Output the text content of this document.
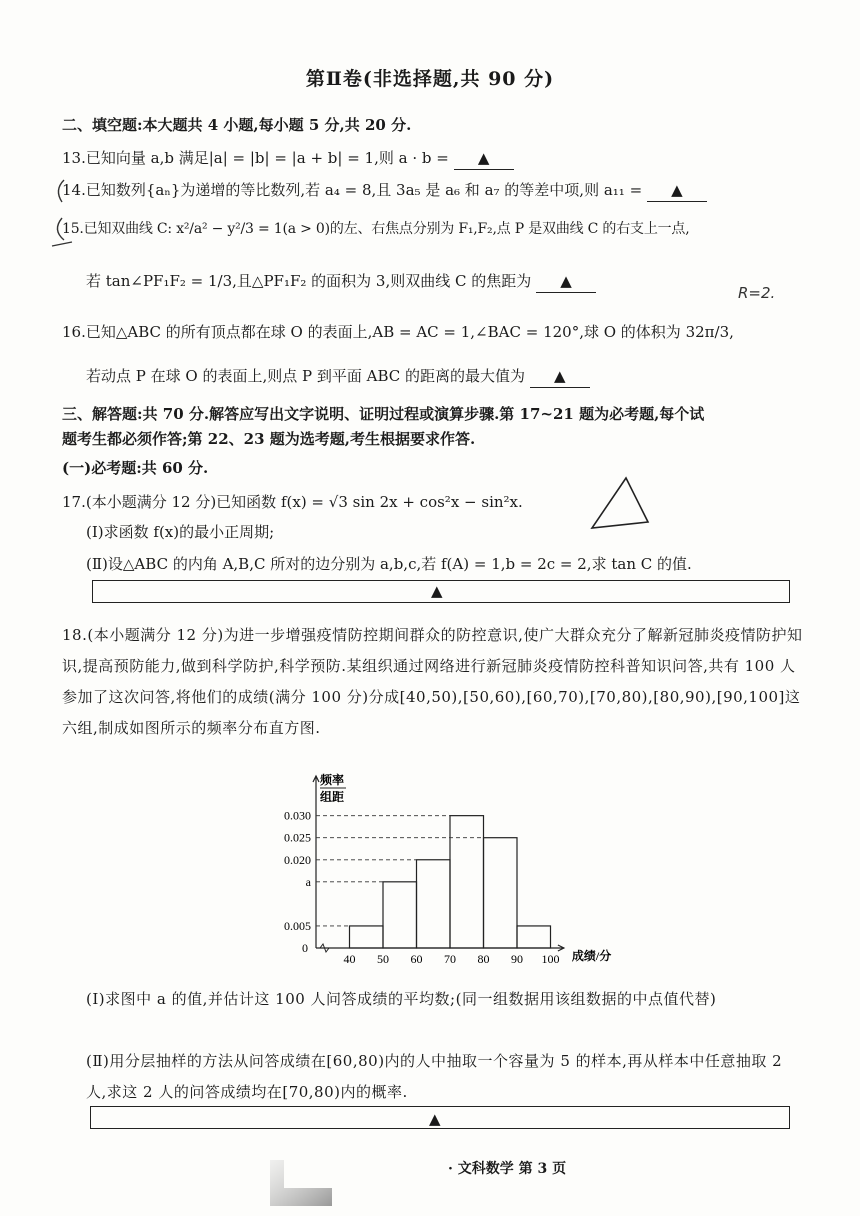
第Ⅱ卷(非选择题,共 90 分)
二、填空题:本大题共 4 小题,每小题 5 分,共 20 分.
13.已知向量 a,b 满足|a| = |b| = |a + b| = 1,则 a · b = ▲
14.已知数列{aₙ}为递增的等比数列,若 a₄ = 8,且 3a₅ 是 a₆ 和 a₇ 的等差中项,则 a₁₁ = ▲
15.已知双曲线 C: x²/a² − y²/3 = 1(a > 0)的左、右焦点分别为 F₁,F₂,点 P 是双曲线 C 的右支上一点,
若 tan∠PF₁F₂ = 1/3,且△PF₁F₂ 的面积为 3,则双曲线 C 的焦距为 ▲
R=2.
16.已知△ABC 的所有顶点都在球 O 的表面上,AB = AC = 1,∠BAC = 120°,球 O 的体积为 32π/3,
若动点 P 在球 O 的表面上,则点 P 到平面 ABC 的距离的最大值为 ▲
三、解答题:共 70 分.解答应写出文字说明、证明过程或演算步骤.第 17~21 题为必考题,每个试
题考生都必须作答;第 22、23 题为选考题,考生根据要求作答.
(一)必考题:共 60 分.
17.(本小题满分 12 分)已知函数 f(x) = √3 sin 2x + cos²x − sin²x.
(Ⅰ)求函数 f(x)的最小正周期;
(Ⅱ)设△ABC 的内角 A,B,C 所对的边分别为 a,b,c,若 f(A) = 1,b = 2c = 2,求 tan C 的值.
▲
18.(本小题满分 12 分)为进一步增强疫情防控期间群众的防控意识,使广大群众充分了解新冠肺炎疫情防护知识,提高预防能力,做到科学防护,科学预防.某组织通过网络进行新冠肺炎疫情防控科普知识问答,共有 100 人参加了这次问答,将他们的成绩(满分 100 分)分成[40,50),[50,60),[60,70),[70,80),[80,90),[90,100]这六组,制成如图所示的频率分布直方图.
0.030
0.025
0.020
a
0.005
40 50 60 70 80 90 100
0
成绩/分
频率
组距
(Ⅰ)求图中 a 的值,并估计这 100 人问答成绩的平均数;(同一组数据用该组数据的中点值代替)
(Ⅱ)用分层抽样的方法从问答成绩在[60,80)内的人中抽取一个容量为 5 的样本,再从样本中任意抽取 2 人,求这 2 人的问答成绩均在[70,80)内的概率.
▲
· 文科数学 第 3 页
